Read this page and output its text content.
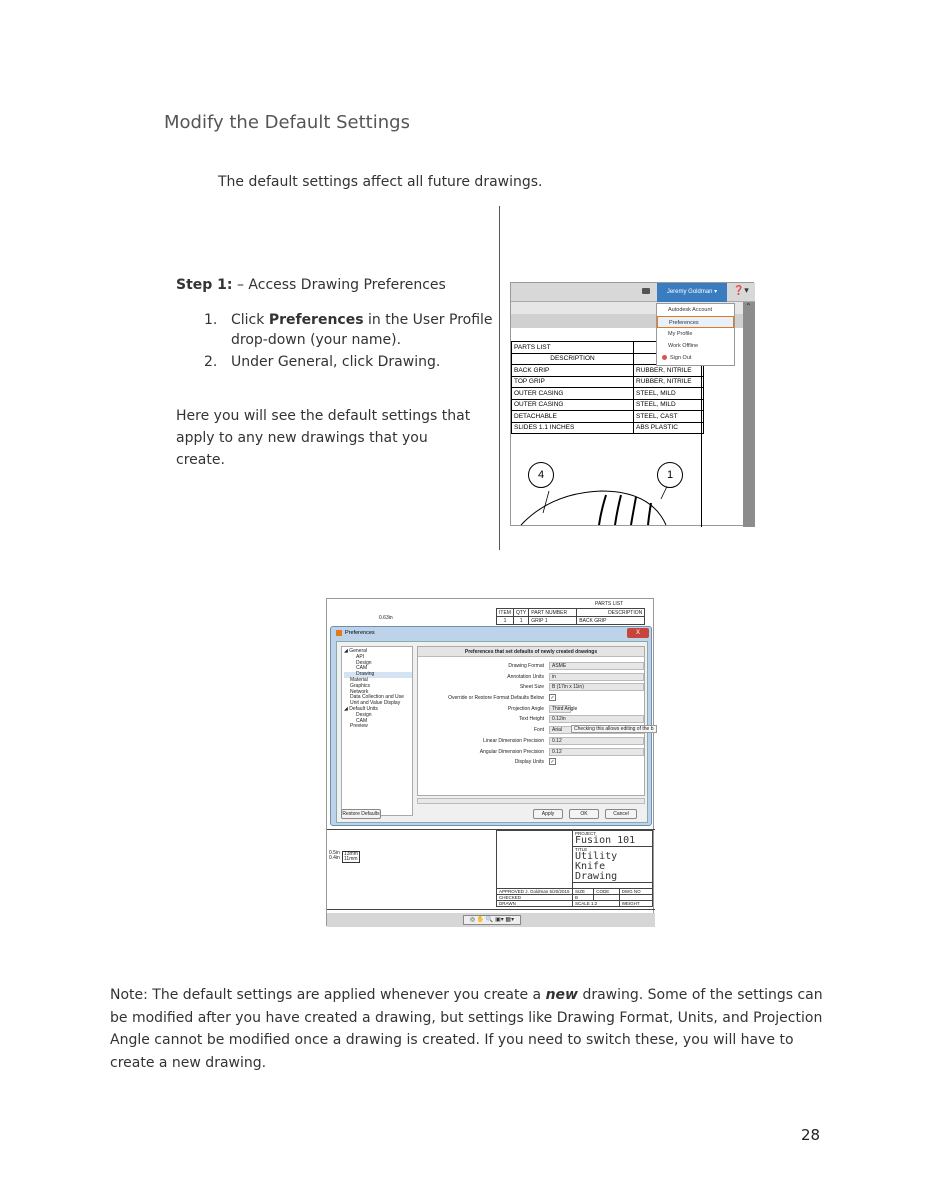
Modify the Default Settings
The default settings affect all future drawings.
Step 1: – Access Drawing Preferences
1. Click Preferences in the User Profile drop-down (your name).
2. Under General, click Drawing.
Here you will see the default settings that apply to any new drawings that you create.
Jeremy Goldman ▾	❓▾
⌃
PARTS LIST	
DESCRIPTION	
BACK GRIP	RUBBER, NITRILE
TOP GRIP	RUBBER, NITRILE
OUTER CASING	STEEL, MILD
OUTER CASING	STEEL, MILD
DETACHABLE	STEEL, CAST
SLIDES 1.1 INCHES	ABS PLASTIC
4	1
Autodesk Account
Preferences
My Profile
Work Offline
Sign Out
PARTS LIST
ITEM	QTY	PART NUMBER	DESCRIPTION
1	1	GRIP 1	BACK GRIP
0.63in
Preferences	X
◢ General
API
Design
CAM
Drawing
Material
Graphics
Network
Data Collection and Use
Unit and Value Display
◢ Default Units
Design
CAM
Preview
Preferences that set defaults of newly created drawings
Drawing Format	ASME
Annotation Units	in
Sheet Size	B (17in x 11in)
Override or Restore Format Defaults Below ✓
Projection Angle	Third Angle
Text Height	0.12in
Font	Arial
Linear Dimension Precision	0.12
Angular Dimension Precision	0.12
Display Units ✓
Checking this allows editing of the b
Restore Defaults	Apply	OK	Cancel

	PROJECT
Fusion 101		

	TITLE
Utility Knife Drawing		

APPROVED J. Goldman 5/20/2015	SIZE	CODE	DWG NO
CHECKED	B		
DRAWN	SCALE 1:2		WEIGHT
0.5in
0.4in
13mm
11mm
◎ ✋ 🔍 ▣▾ ▦▾
Note: The default settings are applied whenever you create a new drawing. Some of the settings can be modified after you have created a drawing, but settings like Drawing Format, Units, and Projection Angle cannot be modified once a drawing is created. If you need to switch these, you will have to create a new drawing.
28
